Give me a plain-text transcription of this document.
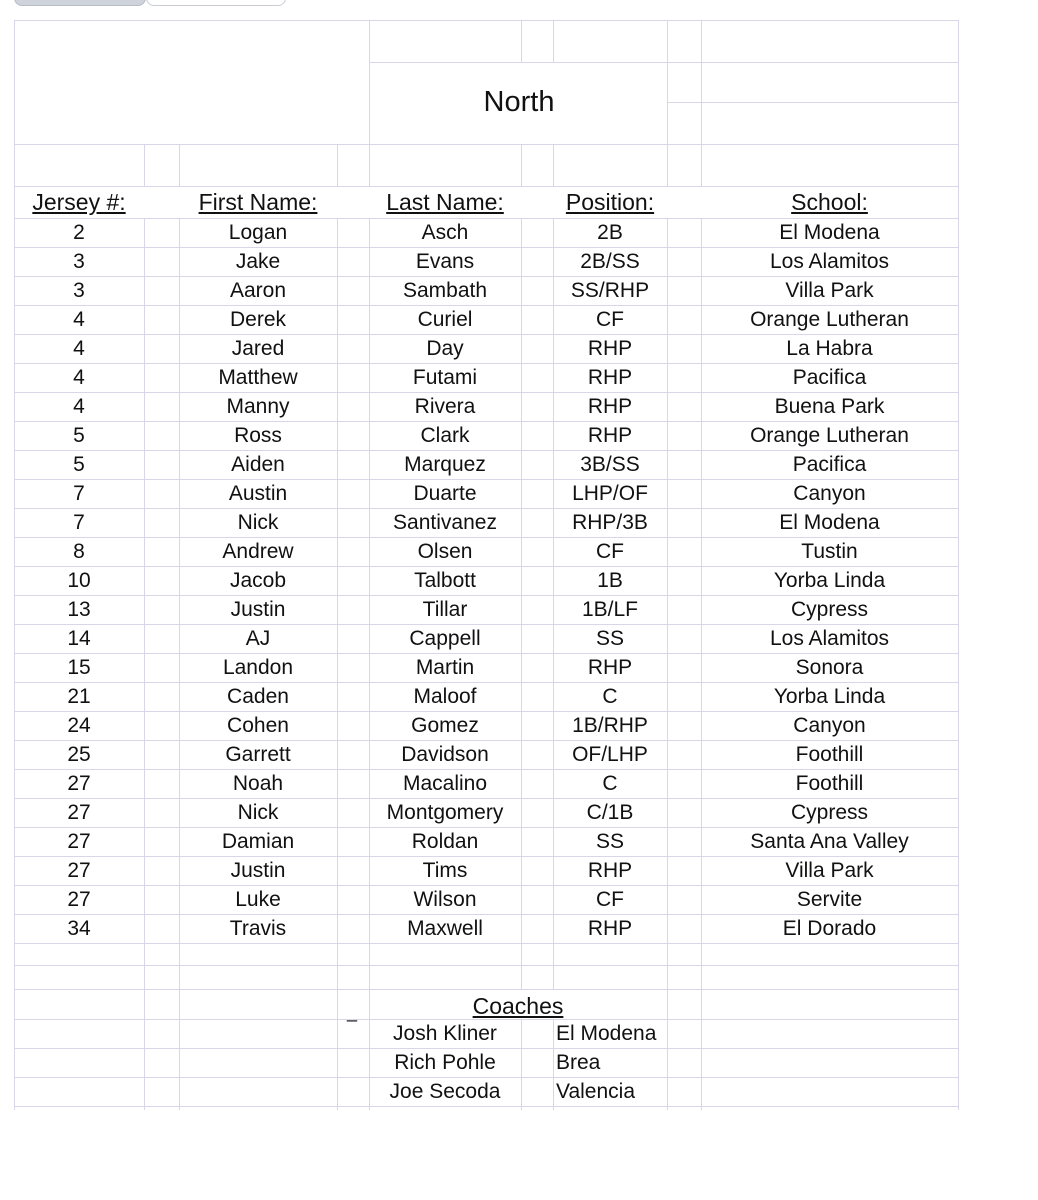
North
Jersey #:	First Name:	Last Name:	Position:	School:
2	Logan	Asch	2B	El Modena
3	Jake	Evans	2B/SS	Los Alamitos
3	Aaron	Sambath	SS/RHP	Villa Park
4	Derek	Curiel	CF	Orange Lutheran
4	Jared	Day	RHP	La Habra
4	Matthew	Futami	RHP	Pacifica
4	Manny	Rivera	RHP	Buena Park
5	Ross	Clark	RHP	Orange Lutheran
5	Aiden	Marquez	3B/SS	Pacifica
7	Austin	Duarte	LHP/OF	Canyon
7	Nick	Santivanez	RHP/3B	El Modena
8	Andrew	Olsen	CF	Tustin
10	Jacob	Talbott	1B	Yorba Linda
13	Justin	Tillar	1B/LF	Cypress
14	AJ	Cappell	SS	Los Alamitos
15	Landon	Martin	RHP	Sonora
21	Caden	Maloof	C	Yorba Linda
24	Cohen	Gomez	1B/RHP	Canyon
25	Garrett	Davidson	OF/LHP	Foothill
27	Noah	Macalino	C	Foothill
27	Nick	Montgomery	C/1B	Cypress
27	Damian	Roldan	SS	Santa Ana Valley
27	Justin	Tims	RHP	Villa Park
27	Luke	Wilson	CF	Servite
34	Travis	Maxwell	RHP	El Dorado
_	Coaches
Josh Kliner	El Modena
Rich Pohle	Brea
Joe Secoda	Valencia
